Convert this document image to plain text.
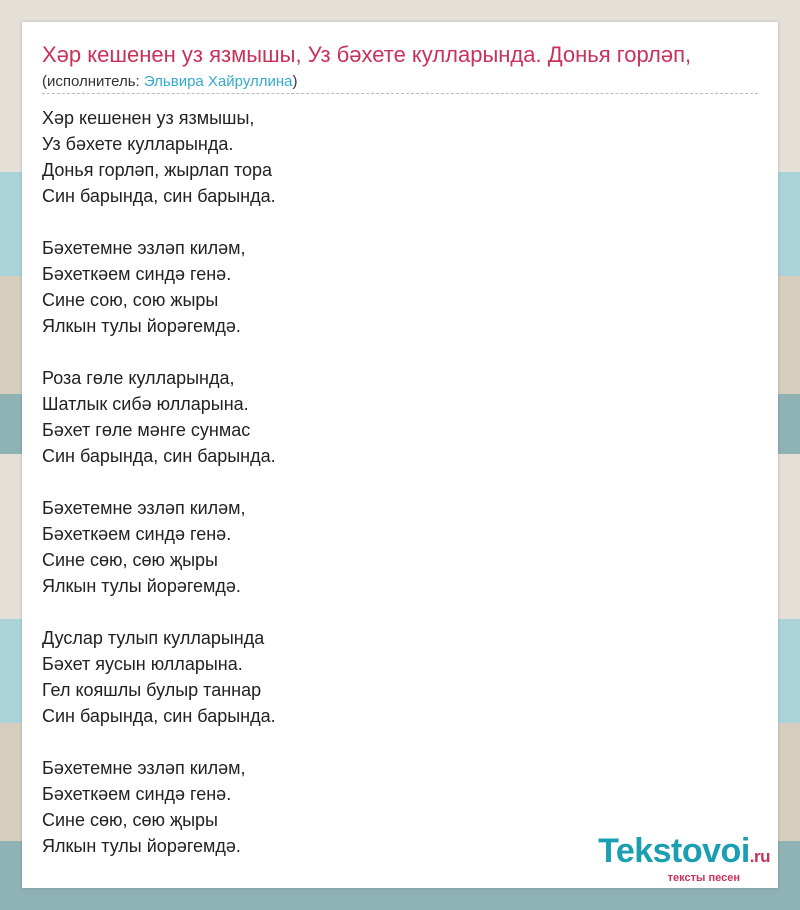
Хәр кешенен уз язмышы, Уз бәхете кулларында. Донья горләп,
(исполнитель: Эльвира Хайруллина)
Хәр кешенен уз язмышы,
Уз бәхете кулларында.
Донья горләп, жырлап тора
Син барында, син барында.
Бәхетемне эзләп киләм,
Бәхеткәем синдә генә.
Сине сою, сою жыры
Ялкын тулы йорәгемдә.
Роза гөле кулларында,
Шатлык сибә юлларына.
Бәхет гөле мәнге сунмас
Син барында, син барында.
Бәхетемне эзләп киләм,
Бәхеткәем синдә генә.
Сине сөю, сөю җыры
Ялкын тулы йорәгемдә.
Дуслар тулып кулларында
Бәхет яусын юлларына.
Гел кояшлы булыр таннар
Син барында, син барында.
Бәхетемне эзләп киләм,
Бәхеткәем синдә генә.
Сине сөю, сөю җыры
Ялкын тулы йорәгемдә.	Tekstovoi.ru
тексты песен
